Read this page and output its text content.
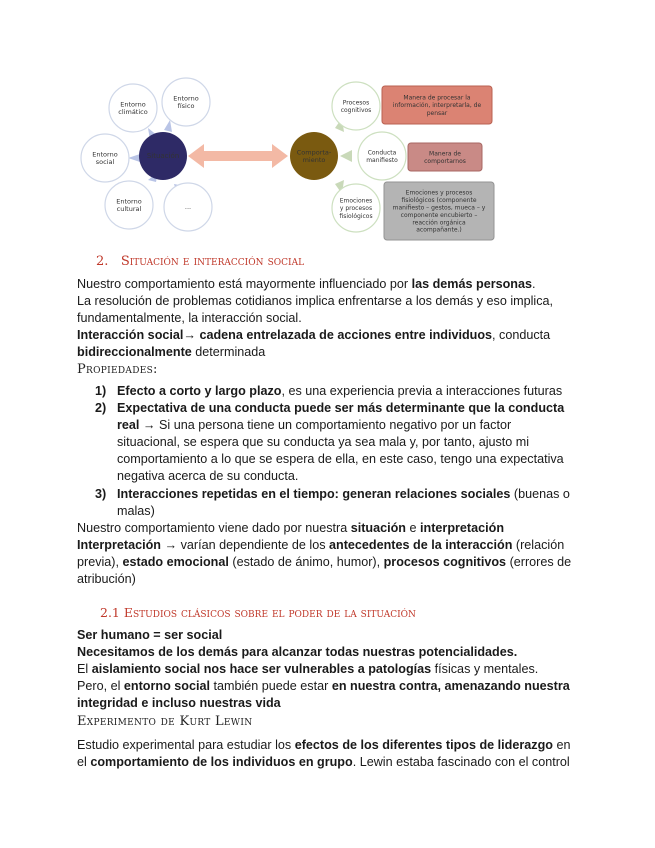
Entorno climático
Entorno físico
Entorno social
Entorno cultural	...
Situación	Comporta-miento
Procesos cognitivos
Conducta manifiesto
Emociones y procesos fisiológicos
Manera de procesar la información, interpretarla, de pensar
Manera de comportarnos
Emociones y procesos fisiológicos (componente manifiesto – gestos, mueca – y componente encubierto – reacción orgánica acompañante.)
2. Situación e interacción social
Nuestro comportamiento está mayormente influenciado por las demás personas.
La resolución de problemas cotidianos implica enfrentarse a los demás y eso implica,
fundamentalmente, la interacción social.
Interacción social→ cadena entrelazada de acciones entre individuos, conducta
bidireccionalmente determinada
Propiedades:
1) Efecto a corto y largo plazo, es una experiencia previa a interacciones futuras
2) Expectativa de una conducta puede ser más determinante que la conducta
real → Si una persona tiene un comportamiento negativo por un factor
situacional, se espera que su conducta ya sea mala y, por tanto, ajusto mi
comportamiento a lo que se espera de ella, en este caso, tengo una expectativa
negativa acerca de su conducta.
3) Interacciones repetidas en el tiempo: generan relaciones sociales (buenas o
malas)
Nuestro comportamiento viene dado por nuestra situación e interpretación
Interpretación → varían dependiente de los antecedentes de la interacción (relación
previa), estado emocional (estado de ánimo, humor), procesos cognitivos (errores de
atribución)
2.1 Estudios clásicos sobre el poder de la situación
Ser humano = ser social
Necesitamos de los demás para alcanzar todas nuestras potencialidades.
El aislamiento social nos hace ser vulnerables a patologías físicas y mentales.
Pero, el entorno social también puede estar en nuestra contra, amenazando nuestra
integridad e incluso nuestras vida
Experimento de Kurt Lewin
Estudio experimental para estudiar los efectos de los diferentes tipos de liderazgo en
el comportamiento de los individuos en grupo. Lewin estaba fascinado con el control
